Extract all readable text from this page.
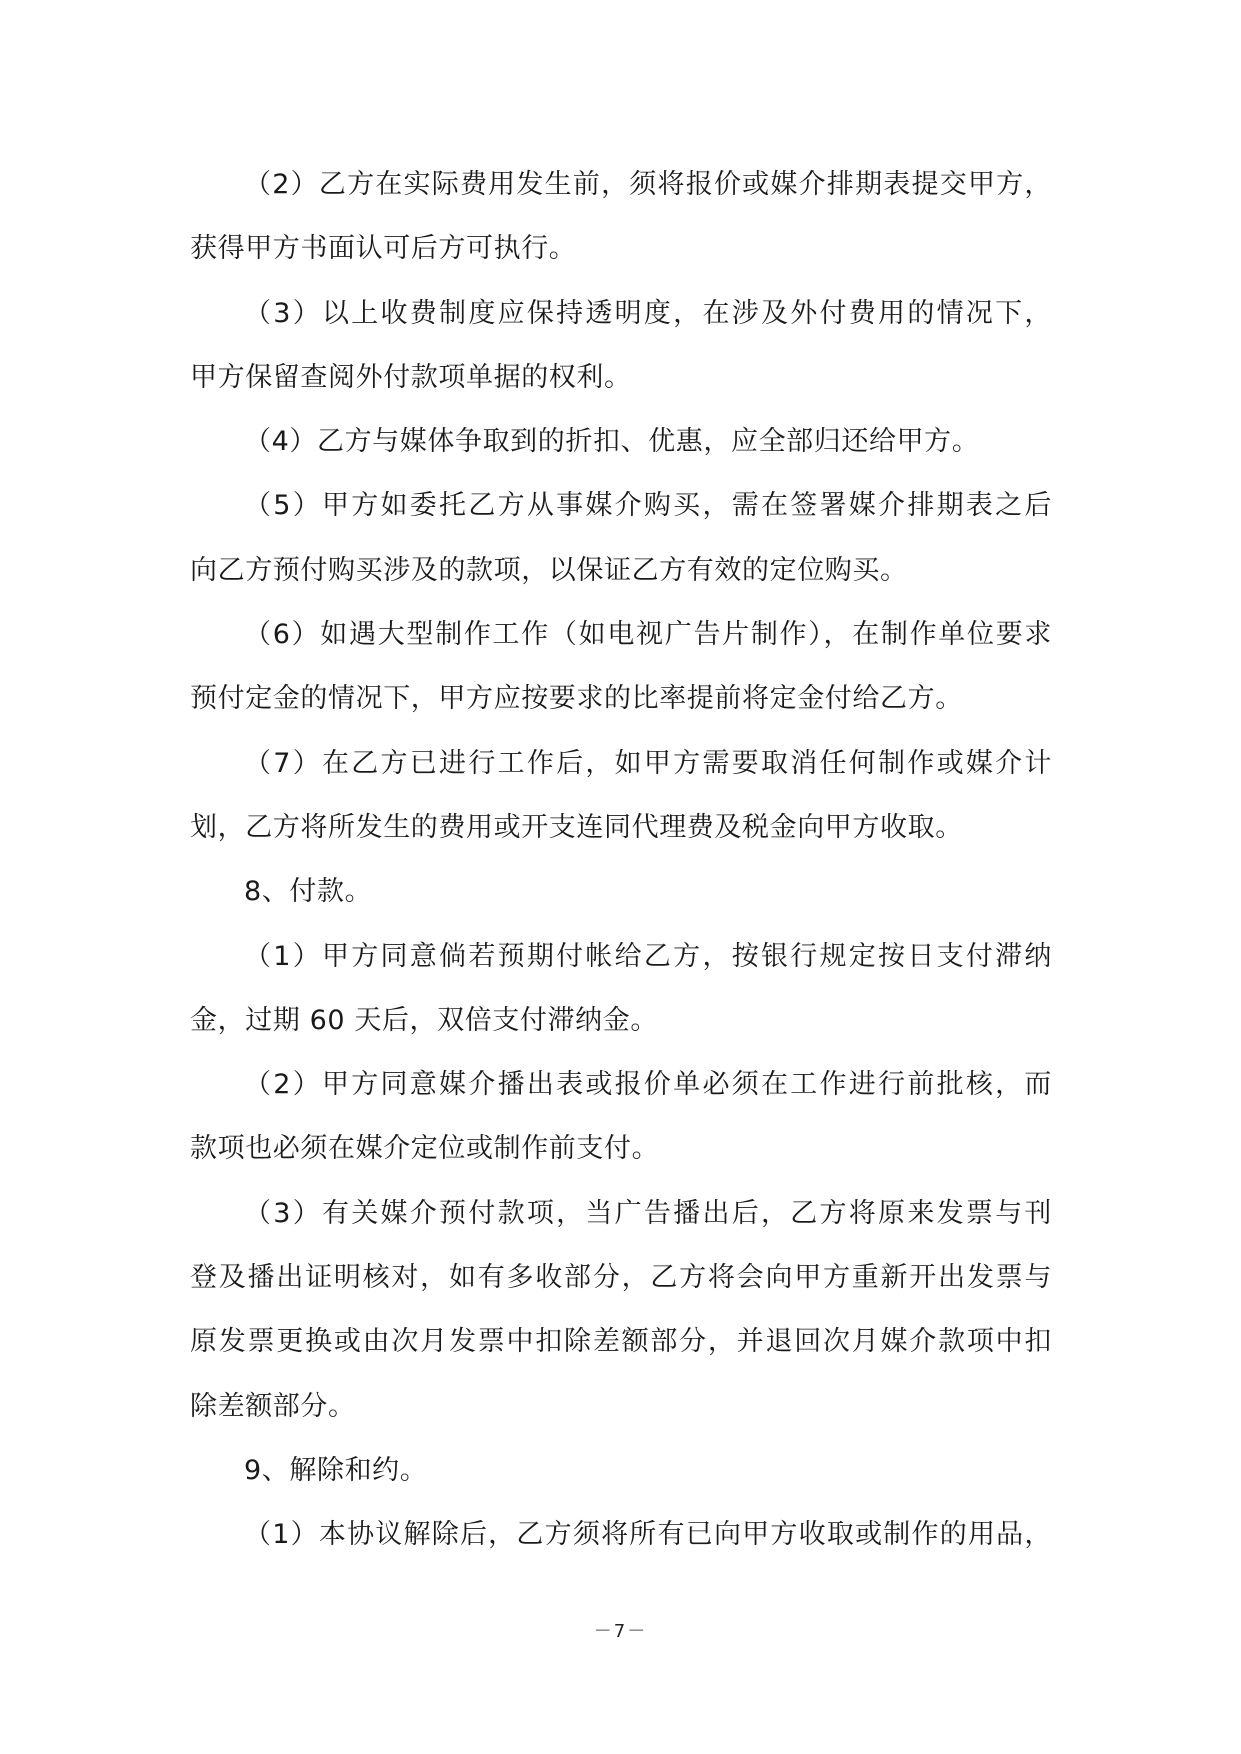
（2）乙方在实际费用发生前，须将报价或媒介排期表提交甲方，
获得甲方书面认可后方可执行。

（3）以上收费制度应保持透明度，在涉及外付费用的情况下，
甲方保留查阅外付款项单据的权利。

（4）乙方与媒体争取到的折扣、优惠，应全部归还给甲方。

（5）甲方如委托乙方从事媒介购买，需在签署媒介排期表之后
向乙方预付购买涉及的款项，以保证乙方有效的定位购买。

（6）如遇大型制作工作（如电视广告片制作），在制作单位要求
预付定金的情况下，甲方应按要求的比率提前将定金付给乙方。

（7）在乙方已进行工作后，如甲方需要取消任何制作或媒介计
划，乙方将所发生的费用或开支连同代理费及税金向甲方收取。

8、付款。

（1）甲方同意倘若预期付帐给乙方，按银行规定按日支付滞纳
金，过期 60 天后，双倍支付滞纳金。

（2）甲方同意媒介播出表或报价单必须在工作进行前批核，而
款项也必须在媒介定位或制作前支付。

（3）有关媒介预付款项，当广告播出后，乙方将原来发票与刊
登及播出证明核对，如有多收部分，乙方将会向甲方重新开出发票与
原发票更换或由次月发票中扣除差额部分，并退回次月媒介款项中扣
除差额部分。

9、解除和约。

（1）本协议解除后，乙方须将所有已向甲方收取或制作的用品，

－7－
